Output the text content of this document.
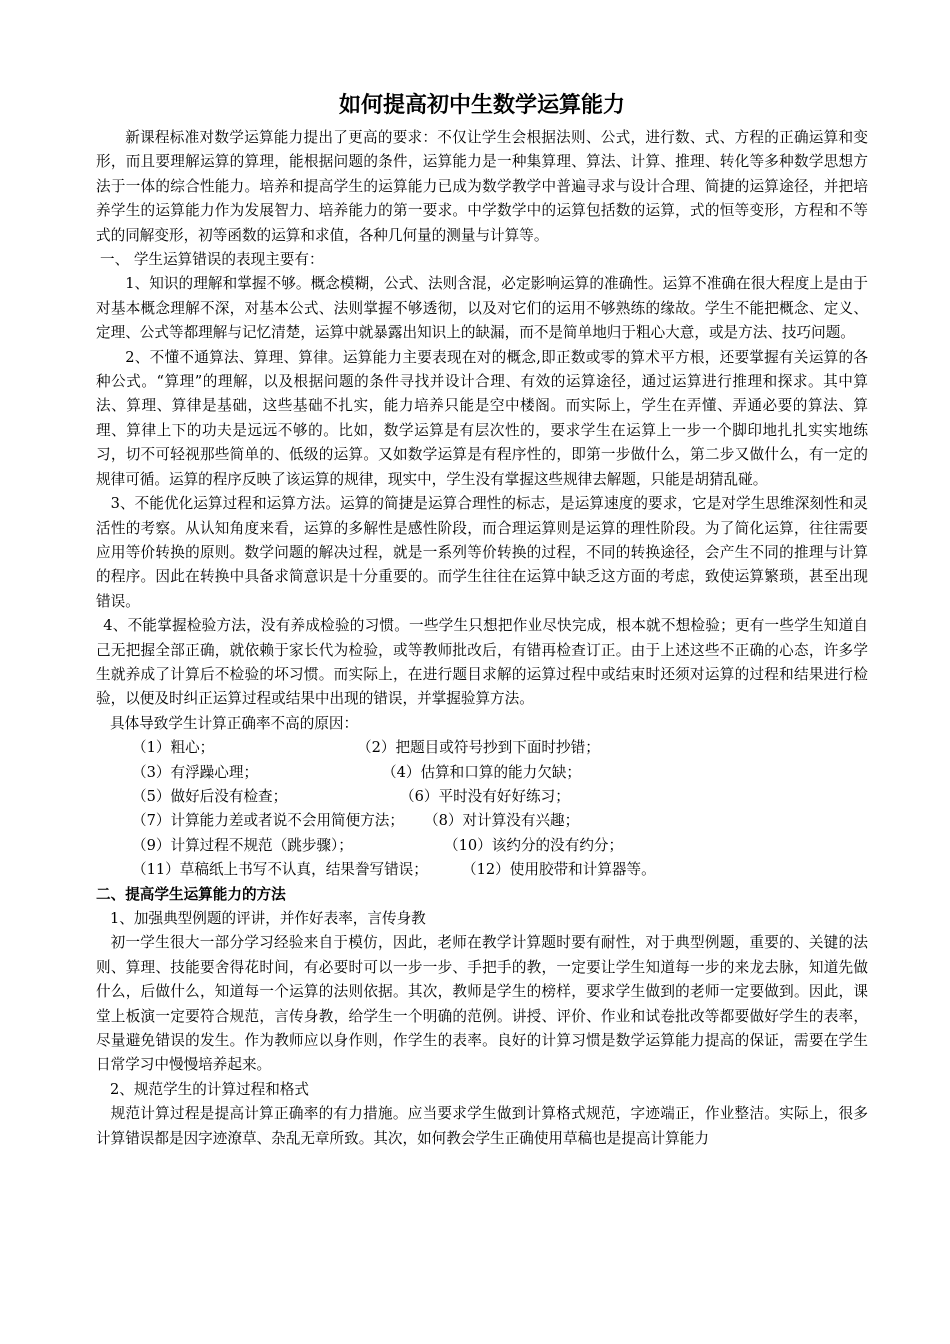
如何提高初中生数学运算能力

新课程标准对数学运算能力提出了更高的要求：不仅让学生会根据法则、公式，进行数、式、方程的正确运算和变形，而且要理解运算的算理，能根据问题的条件，运算能力是一种集算理、算法、计算、推理、转化等多种数学思想方法于一体的综合性能力。培养和提高学生的运算能力已成为数学教学中普遍寻求与设计合理、简捷的运算途径，并把培养学生的运算能力作为发展智力、培养能力的第一要求。中学数学中的运算包括数的运算，式的恒等变形，方程和不等式的同解变形，初等函数的运算和求值，各种几何量的测量与计算等。

一、 学生运算错误的表现主要有：

1、知识的理解和掌握不够。概念模糊，公式、法则含混，必定影响运算的准确性。运算不准确在很大程度上是由于对基本概念理解不深，对基本公式、法则掌握不够透彻，以及对它们的运用不够熟练的缘故。学生不能把概念、定义、定理、公式等都理解与记忆清楚，运算中就暴露出知识上的缺漏，而不是简单地归于粗心大意，或是方法、技巧问题。

2、不懂不通算法、算理、算律。运算能力主要表现在对的概念,即正数或零的算术平方根，还要掌握有关运算的各种公式。“算理”的理解，以及根据问题的条件寻找并设计合理、有效的运算途径，通过运算进行推理和探求。其中算法、算理、算律是基础，这些基础不扎实，能力培养只能是空中楼阁。而实际上，学生在弄懂、弄通必要的算法、算理、算律上下的功夫是远远不够的。比如，数学运算是有层次性的，要求学生在运算上一步一个脚印地扎扎实实地练习，切不可轻视那些简单的、低级的运算。又如数学运算是有程序性的，即第一步做什么，第二步又做什么，有一定的规律可循。运算的程序反映了该运算的规律，现实中，学生没有掌握这些规律去解题，只能是胡猜乱碰。

3、不能优化运算过程和运算方法。运算的简捷是运算合理性的标志，是运算速度的要求，它是对学生思维深刻性和灵活性的考察。从认知角度来看，运算的多解性是感性阶段，而合理运算则是运算的理性阶段。为了简化运算，往往需要应用等价转换的原则。数学问题的解决过程，就是一系列等价转换的过程，不同的转换途径，会产生不同的推理与计算的程序。因此在转换中具备求简意识是十分重要的。而学生往往在运算中缺乏这方面的考虑，致使运算繁琐，甚至出现错误。

4、不能掌握检验方法，没有养成检验的习惯。一些学生只想把作业尽快完成，根本就不想检验；更有一些学生知道自己无把握全部正确，就依赖于家长代为检验，或等教师批改后，有错再检查订正。由于上述这些不正确的心态，许多学生就养成了计算后不检验的坏习惯。而实际上，在进行题目求解的运算过程中或结束时还须对运算的过程和结果进行检验，以便及时纠正运算过程或结果中出现的错误，并掌握验算方法。

具体导致学生计算正确率不高的原因：

（1）粗心；	（2）把题目或符号抄到下面时抄错；
（3）有浮躁心理；	（4）估算和口算的能力欠缺；
（5）做好后没有检查；	（6）平时没有好好练习；
（7）计算能力差或者说不会用简便方法；	（8）对计算没有兴趣；
（9）计算过程不规范（跳步骤）；	（10）该约分的没有约分；
（11）草稿纸上书写不认真，结果誊写错误；	（12）使用胶带和计算器等。

二、提高学生运算能力的方法

1、加强典型例题的评讲，并作好表率，言传身教

初一学生很大一部分学习经验来自于模仿，因此，老师在教学计算题时要有耐性，对于典型例题，重要的、关键的法则、算理、技能要舍得花时间，有必要时可以一步一步、手把手的教，一定要让学生知道每一步的来龙去脉，知道先做什么，后做什么，知道每一个运算的法则依据。其次，教师是学生的榜样，要求学生做到的老师一定要做到。因此，课堂上板演一定要符合规范，言传身教，给学生一个明确的范例。讲授、评价、作业和试卷批改等都要做好学生的表率，尽量避免错误的发生。作为教师应以身作则，作学生的表率。良好的计算习惯是数学运算能力提高的保证，需要在学生日常学习中慢慢培养起来。

2、规范学生的计算过程和格式

规范计算过程是提高计算正确率的有力措施。应当要求学生做到计算格式规范，字迹端正，作业整洁。实际上，很多计算错误都是因字迹潦草、杂乱无章所致。其次，如何教会学生正确使用草稿也是提高计算能力
